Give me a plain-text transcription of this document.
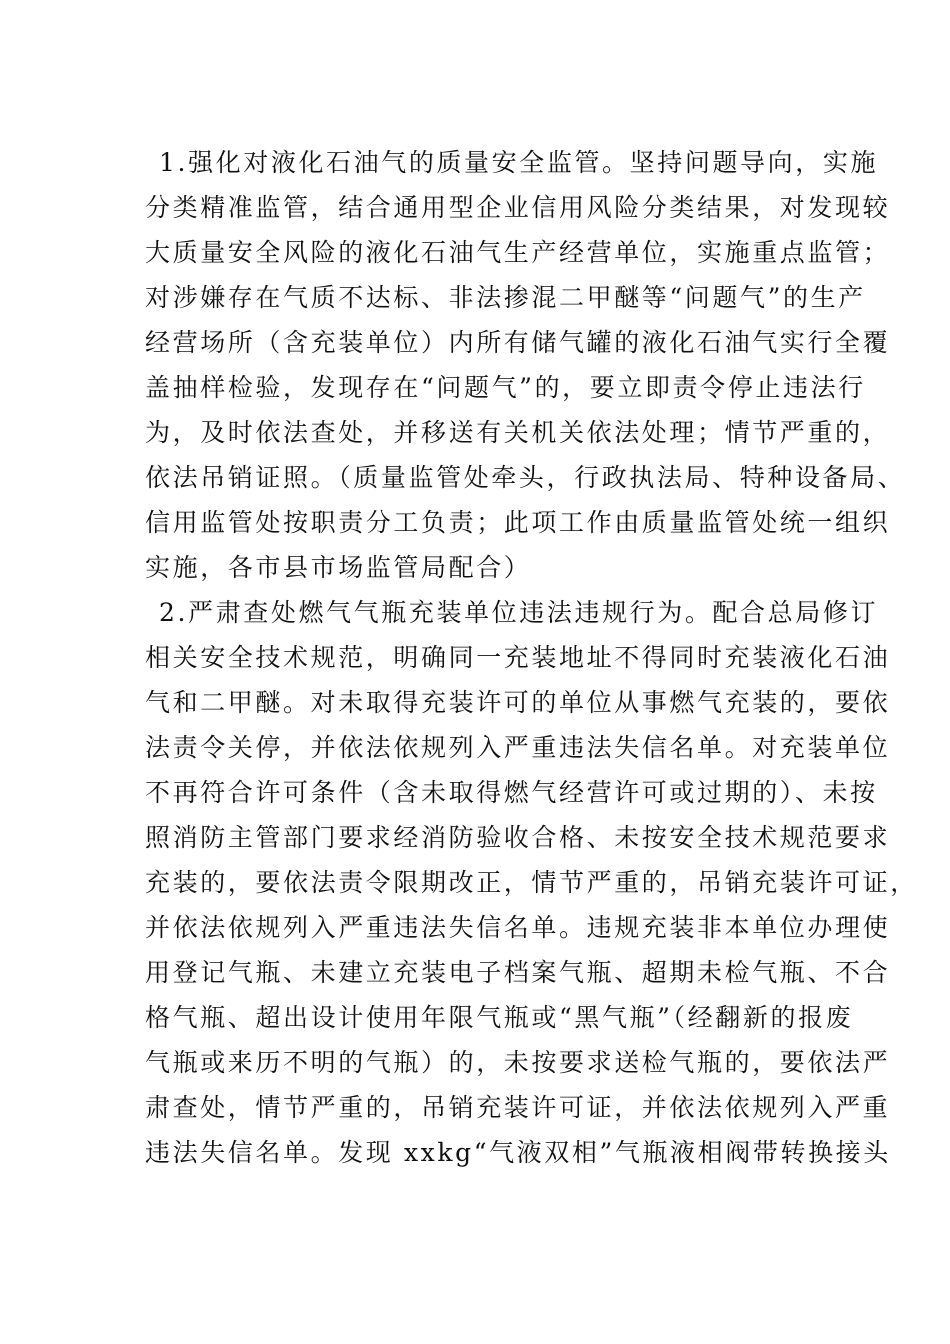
1.强化对液化石油气的质量安全监管。坚持问题导向，实施
分类精准监管，结合通用型企业信用风险分类结果，对发现较
大质量安全风险的液化石油气生产经营单位，实施重点监管；
对涉嫌存在气质不达标、非法掺混二甲醚等“问题气”的生产
经营场所（含充装单位）内所有储气罐的液化石油气实行全覆
盖抽样检验，发现存在“问题气”的，要立即责令停止违法行
为，及时依法查处，并移送有关机关依法处理；情节严重的，
依法吊销证照。（质量监管处牵头，行政执法局、特种设备局、
信用监管处按职责分工负责；此项工作由质量监管处统一组织
实施，各市县市场监管局配合）
2.严肃查处燃气气瓶充装单位违法违规行为。配合总局修订
相关安全技术规范，明确同一充装地址不得同时充装液化石油
气和二甲醚。对未取得充装许可的单位从事燃气充装的，要依
法责令关停，并依法依规列入严重违法失信名单。对充装单位
不再符合许可条件（含未取得燃气经营许可或过期的）、未按
照消防主管部门要求经消防验收合格、未按安全技术规范要求
充装的，要依法责令限期改正，情节严重的，吊销充装许可证，
并依法依规列入严重违法失信名单。违规充装非本单位办理使
用登记气瓶、未建立充装电子档案气瓶、超期未检气瓶、不合
格气瓶、超出设计使用年限气瓶或“黑气瓶”（经翻新的报废
气瓶或来历不明的气瓶）的，未按要求送检气瓶的，要依法严
肃查处，情节严重的，吊销充装许可证，并依法依规列入严重
违法失信名单。发现 xxkg“气液双相”气瓶液相阀带转换接头
